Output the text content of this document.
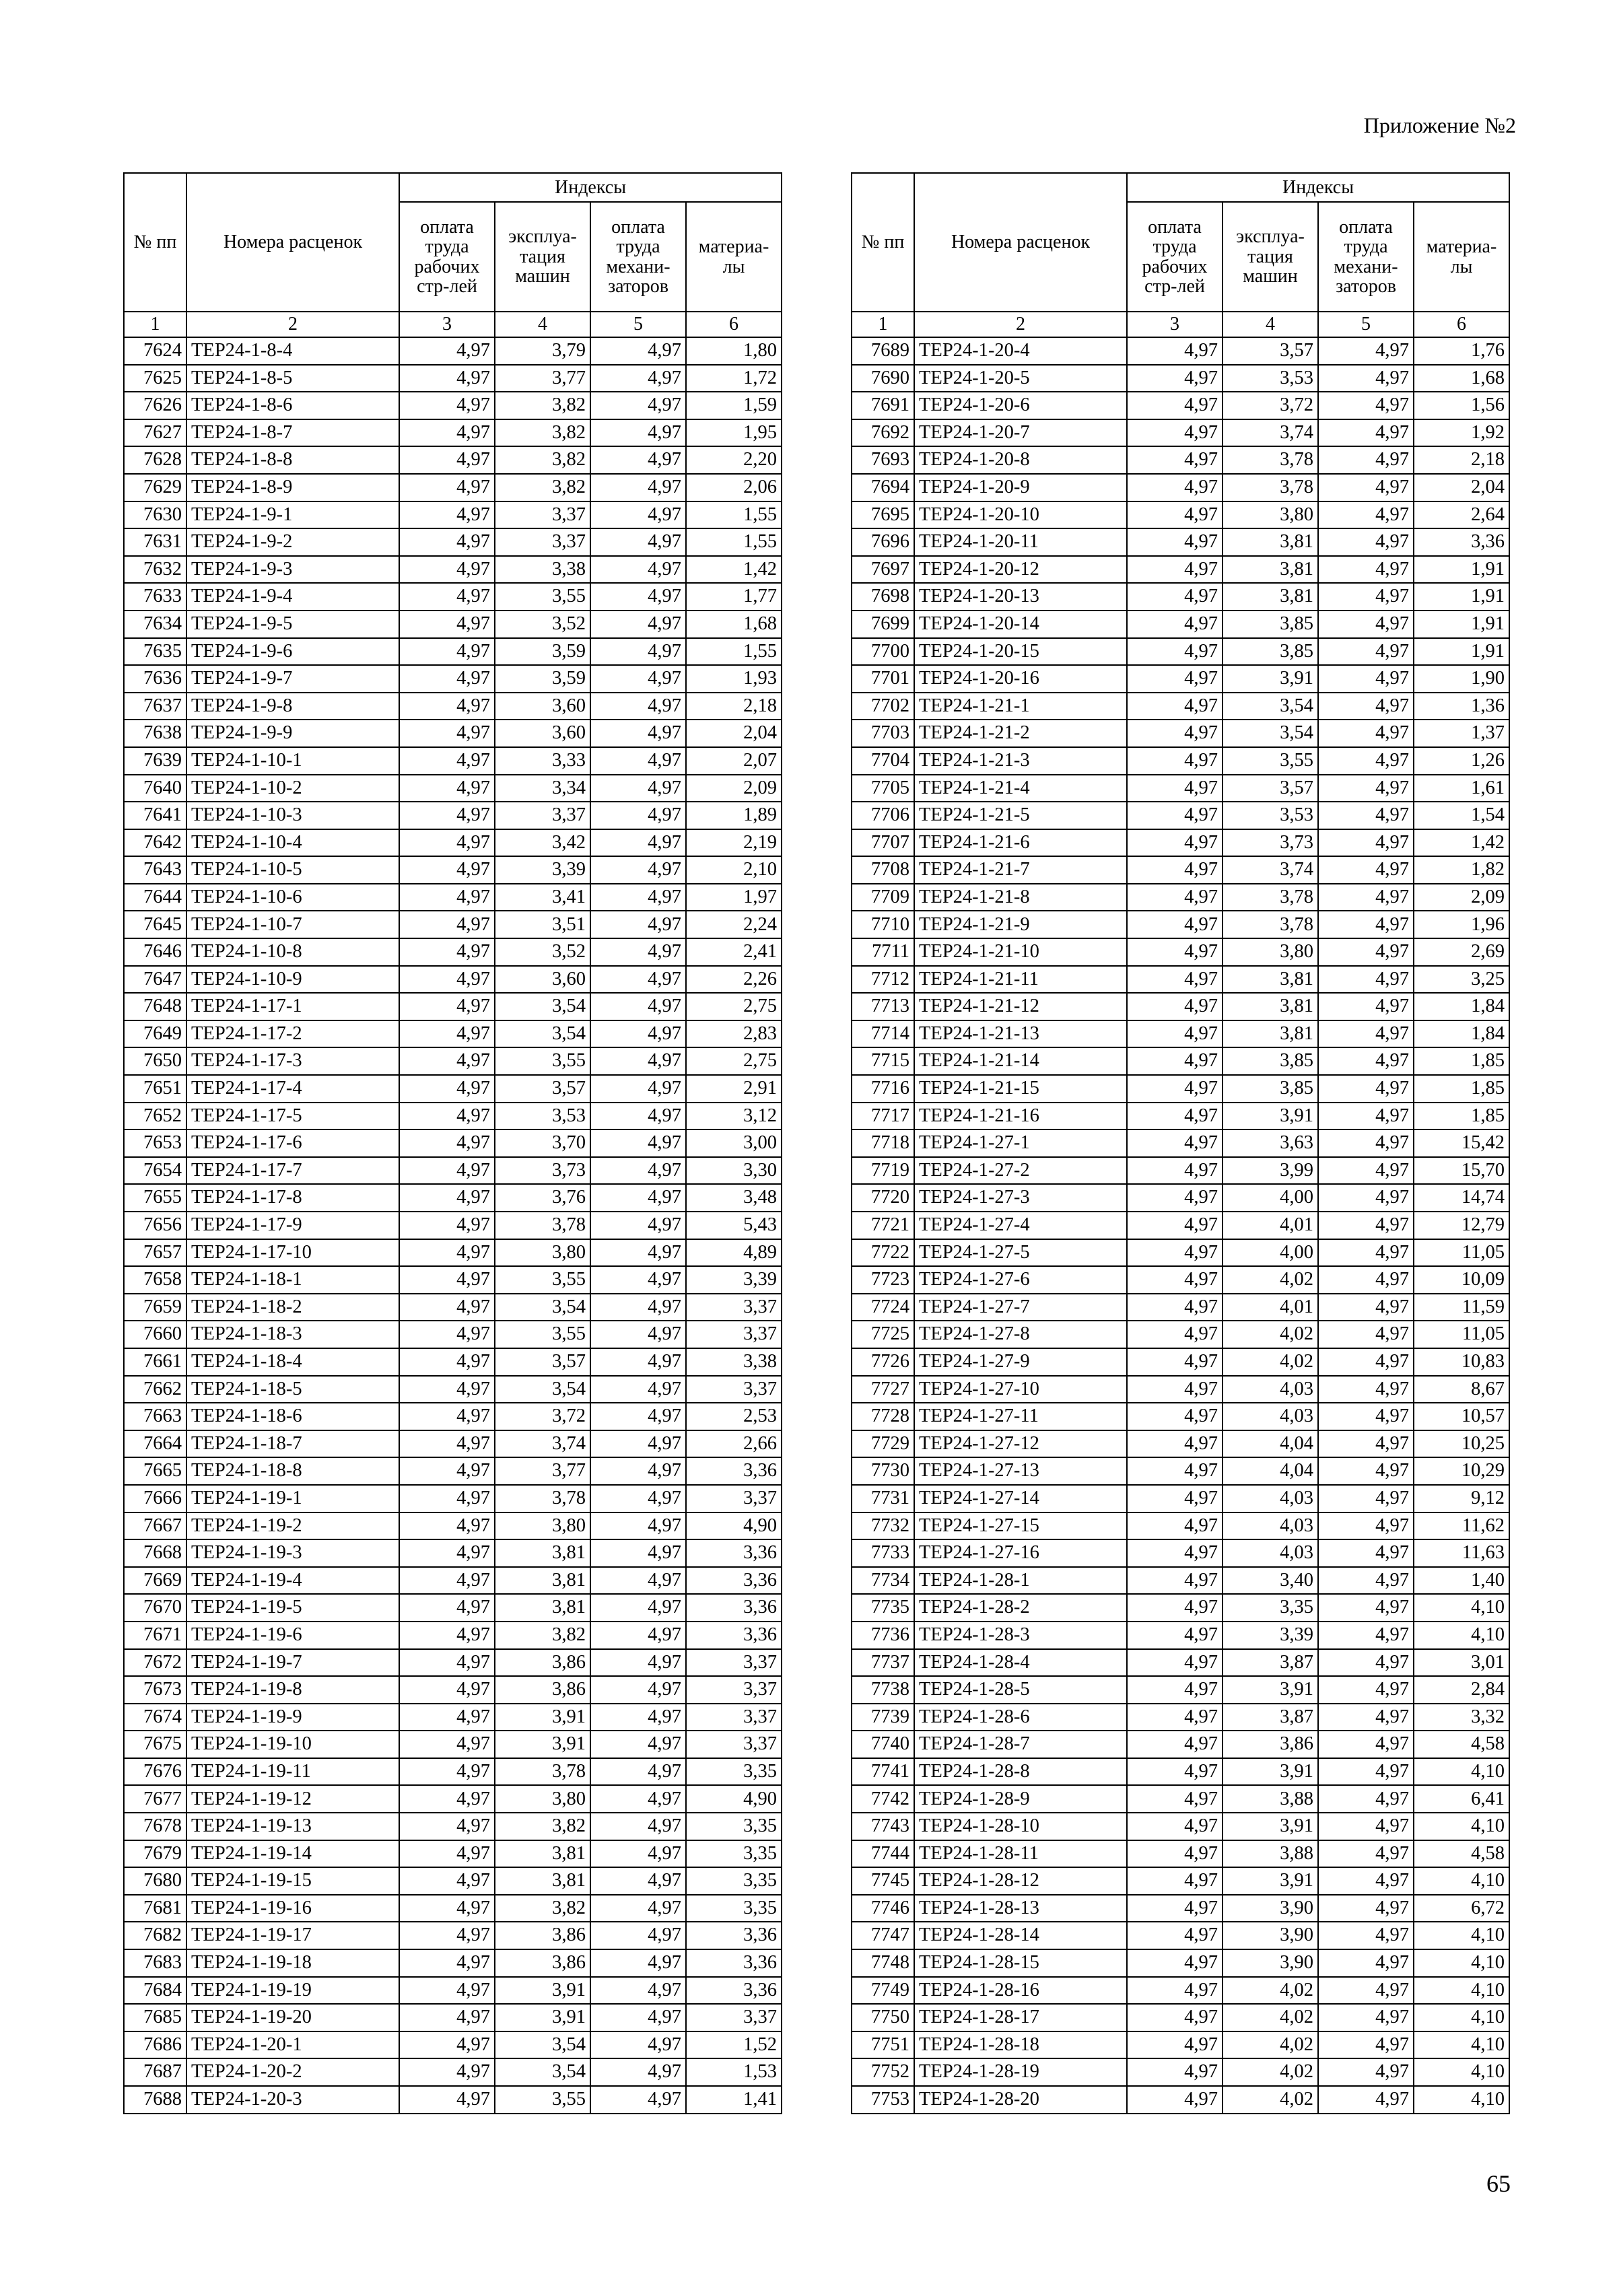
Приложение №2
№ пп	Номера расценок	Индексы			
		оплата труда рабочих стр-лей	эксплуа-тация машин	оплата труда механи-заторов	материа-лы
1	2	3	4	5	6
7624	ТЕР24-1-8-4	4,97	3,79	4,97	1,80
7625	ТЕР24-1-8-5	4,97	3,77	4,97	1,72
7626	ТЕР24-1-8-6	4,97	3,82	4,97	1,59
7627	ТЕР24-1-8-7	4,97	3,82	4,97	1,95
7628	ТЕР24-1-8-8	4,97	3,82	4,97	2,20
7629	ТЕР24-1-8-9	4,97	3,82	4,97	2,06
7630	ТЕР24-1-9-1	4,97	3,37	4,97	1,55
7631	ТЕР24-1-9-2	4,97	3,37	4,97	1,55
7632	ТЕР24-1-9-3	4,97	3,38	4,97	1,42
7633	ТЕР24-1-9-4	4,97	3,55	4,97	1,77
7634	ТЕР24-1-9-5	4,97	3,52	4,97	1,68
7635	ТЕР24-1-9-6	4,97	3,59	4,97	1,55
7636	ТЕР24-1-9-7	4,97	3,59	4,97	1,93
7637	ТЕР24-1-9-8	4,97	3,60	4,97	2,18
7638	ТЕР24-1-9-9	4,97	3,60	4,97	2,04
7639	ТЕР24-1-10-1	4,97	3,33	4,97	2,07
7640	ТЕР24-1-10-2	4,97	3,34	4,97	2,09
7641	ТЕР24-1-10-3	4,97	3,37	4,97	1,89
7642	ТЕР24-1-10-4	4,97	3,42	4,97	2,19
7643	ТЕР24-1-10-5	4,97	3,39	4,97	2,10
7644	ТЕР24-1-10-6	4,97	3,41	4,97	1,97
7645	ТЕР24-1-10-7	4,97	3,51	4,97	2,24
7646	ТЕР24-1-10-8	4,97	3,52	4,97	2,41
7647	ТЕР24-1-10-9	4,97	3,60	4,97	2,26
7648	ТЕР24-1-17-1	4,97	3,54	4,97	2,75
7649	ТЕР24-1-17-2	4,97	3,54	4,97	2,83
7650	ТЕР24-1-17-3	4,97	3,55	4,97	2,75
7651	ТЕР24-1-17-4	4,97	3,57	4,97	2,91
7652	ТЕР24-1-17-5	4,97	3,53	4,97	3,12
7653	ТЕР24-1-17-6	4,97	3,70	4,97	3,00
7654	ТЕР24-1-17-7	4,97	3,73	4,97	3,30
7655	ТЕР24-1-17-8	4,97	3,76	4,97	3,48
7656	ТЕР24-1-17-9	4,97	3,78	4,97	5,43
7657	ТЕР24-1-17-10	4,97	3,80	4,97	4,89
7658	ТЕР24-1-18-1	4,97	3,55	4,97	3,39
7659	ТЕР24-1-18-2	4,97	3,54	4,97	3,37
7660	ТЕР24-1-18-3	4,97	3,55	4,97	3,37
7661	ТЕР24-1-18-4	4,97	3,57	4,97	3,38
7662	ТЕР24-1-18-5	4,97	3,54	4,97	3,37
7663	ТЕР24-1-18-6	4,97	3,72	4,97	2,53
7664	ТЕР24-1-18-7	4,97	3,74	4,97	2,66
7665	ТЕР24-1-18-8	4,97	3,77	4,97	3,36
7666	ТЕР24-1-19-1	4,97	3,78	4,97	3,37
7667	ТЕР24-1-19-2	4,97	3,80	4,97	4,90
7668	ТЕР24-1-19-3	4,97	3,81	4,97	3,36
7669	ТЕР24-1-19-4	4,97	3,81	4,97	3,36
7670	ТЕР24-1-19-5	4,97	3,81	4,97	3,36
7671	ТЕР24-1-19-6	4,97	3,82	4,97	3,36
7672	ТЕР24-1-19-7	4,97	3,86	4,97	3,37
7673	ТЕР24-1-19-8	4,97	3,86	4,97	3,37
7674	ТЕР24-1-19-9	4,97	3,91	4,97	3,37
7675	ТЕР24-1-19-10	4,97	3,91	4,97	3,37
7676	ТЕР24-1-19-11	4,97	3,78	4,97	3,35
7677	ТЕР24-1-19-12	4,97	3,80	4,97	4,90
7678	ТЕР24-1-19-13	4,97	3,82	4,97	3,35
7679	ТЕР24-1-19-14	4,97	3,81	4,97	3,35
7680	ТЕР24-1-19-15	4,97	3,81	4,97	3,35
7681	ТЕР24-1-19-16	4,97	3,82	4,97	3,35
7682	ТЕР24-1-19-17	4,97	3,86	4,97	3,36
7683	ТЕР24-1-19-18	4,97	3,86	4,97	3,36
7684	ТЕР24-1-19-19	4,97	3,91	4,97	3,36
7685	ТЕР24-1-19-20	4,97	3,91	4,97	3,37
7686	ТЕР24-1-20-1	4,97	3,54	4,97	1,52
7687	ТЕР24-1-20-2	4,97	3,54	4,97	1,53
7688	ТЕР24-1-20-3	4,97	3,55	4,97	1,41
№ пп	Номера расценок	Индексы			
		оплата труда рабочих стр-лей	эксплуа-тация машин	оплата труда механи-заторов	материа-лы
1	2	3	4	5	6
7689	ТЕР24-1-20-4	4,97	3,57	4,97	1,76
7690	ТЕР24-1-20-5	4,97	3,53	4,97	1,68
7691	ТЕР24-1-20-6	4,97	3,72	4,97	1,56
7692	ТЕР24-1-20-7	4,97	3,74	4,97	1,92
7693	ТЕР24-1-20-8	4,97	3,78	4,97	2,18
7694	ТЕР24-1-20-9	4,97	3,78	4,97	2,04
7695	ТЕР24-1-20-10	4,97	3,80	4,97	2,64
7696	ТЕР24-1-20-11	4,97	3,81	4,97	3,36
7697	ТЕР24-1-20-12	4,97	3,81	4,97	1,91
7698	ТЕР24-1-20-13	4,97	3,81	4,97	1,91
7699	ТЕР24-1-20-14	4,97	3,85	4,97	1,91
7700	ТЕР24-1-20-15	4,97	3,85	4,97	1,91
7701	ТЕР24-1-20-16	4,97	3,91	4,97	1,90
7702	ТЕР24-1-21-1	4,97	3,54	4,97	1,36
7703	ТЕР24-1-21-2	4,97	3,54	4,97	1,37
7704	ТЕР24-1-21-3	4,97	3,55	4,97	1,26
7705	ТЕР24-1-21-4	4,97	3,57	4,97	1,61
7706	ТЕР24-1-21-5	4,97	3,53	4,97	1,54
7707	ТЕР24-1-21-6	4,97	3,73	4,97	1,42
7708	ТЕР24-1-21-7	4,97	3,74	4,97	1,82
7709	ТЕР24-1-21-8	4,97	3,78	4,97	2,09
7710	ТЕР24-1-21-9	4,97	3,78	4,97	1,96
7711	ТЕР24-1-21-10	4,97	3,80	4,97	2,69
7712	ТЕР24-1-21-11	4,97	3,81	4,97	3,25
7713	ТЕР24-1-21-12	4,97	3,81	4,97	1,84
7714	ТЕР24-1-21-13	4,97	3,81	4,97	1,84
7715	ТЕР24-1-21-14	4,97	3,85	4,97	1,85
7716	ТЕР24-1-21-15	4,97	3,85	4,97	1,85
7717	ТЕР24-1-21-16	4,97	3,91	4,97	1,85
7718	ТЕР24-1-27-1	4,97	3,63	4,97	15,42
7719	ТЕР24-1-27-2	4,97	3,99	4,97	15,70
7720	ТЕР24-1-27-3	4,97	4,00	4,97	14,74
7721	ТЕР24-1-27-4	4,97	4,01	4,97	12,79
7722	ТЕР24-1-27-5	4,97	4,00	4,97	11,05
7723	ТЕР24-1-27-6	4,97	4,02	4,97	10,09
7724	ТЕР24-1-27-7	4,97	4,01	4,97	11,59
7725	ТЕР24-1-27-8	4,97	4,02	4,97	11,05
7726	ТЕР24-1-27-9	4,97	4,02	4,97	10,83
7727	ТЕР24-1-27-10	4,97	4,03	4,97	8,67
7728	ТЕР24-1-27-11	4,97	4,03	4,97	10,57
7729	ТЕР24-1-27-12	4,97	4,04	4,97	10,25
7730	ТЕР24-1-27-13	4,97	4,04	4,97	10,29
7731	ТЕР24-1-27-14	4,97	4,03	4,97	9,12
7732	ТЕР24-1-27-15	4,97	4,03	4,97	11,62
7733	ТЕР24-1-27-16	4,97	4,03	4,97	11,63
7734	ТЕР24-1-28-1	4,97	3,40	4,97	1,40
7735	ТЕР24-1-28-2	4,97	3,35	4,97	4,10
7736	ТЕР24-1-28-3	4,97	3,39	4,97	4,10
7737	ТЕР24-1-28-4	4,97	3,87	4,97	3,01
7738	ТЕР24-1-28-5	4,97	3,91	4,97	2,84
7739	ТЕР24-1-28-6	4,97	3,87	4,97	3,32
7740	ТЕР24-1-28-7	4,97	3,86	4,97	4,58
7741	ТЕР24-1-28-8	4,97	3,91	4,97	4,10
7742	ТЕР24-1-28-9	4,97	3,88	4,97	6,41
7743	ТЕР24-1-28-10	4,97	3,91	4,97	4,10
7744	ТЕР24-1-28-11	4,97	3,88	4,97	4,58
7745	ТЕР24-1-28-12	4,97	3,91	4,97	4,10
7746	ТЕР24-1-28-13	4,97	3,90	4,97	6,72
7747	ТЕР24-1-28-14	4,97	3,90	4,97	4,10
7748	ТЕР24-1-28-15	4,97	3,90	4,97	4,10
7749	ТЕР24-1-28-16	4,97	4,02	4,97	4,10
7750	ТЕР24-1-28-17	4,97	4,02	4,97	4,10
7751	ТЕР24-1-28-18	4,97	4,02	4,97	4,10
7752	ТЕР24-1-28-19	4,97	4,02	4,97	4,10
7753	ТЕР24-1-28-20	4,97	4,02	4,97	4,10
65
